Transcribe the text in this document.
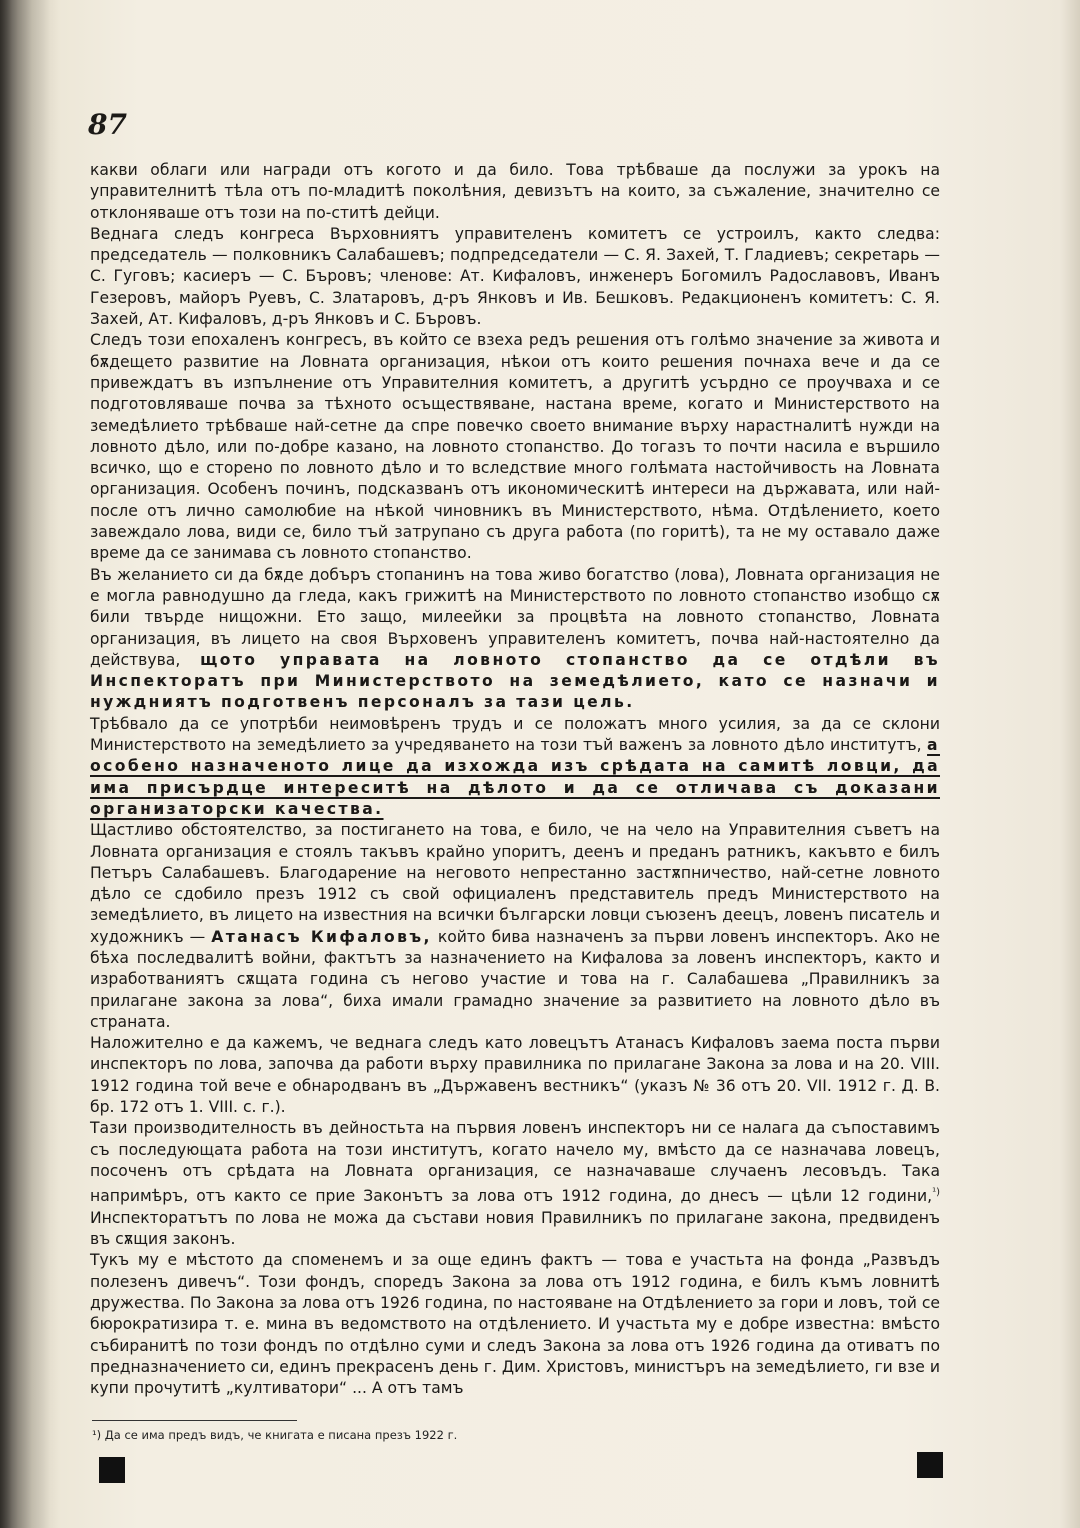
87

какви облаги или награди отъ когото и да било. Това трѣбваше да послужи за урокъ на управителнитѣ тѣла отъ по-младитѣ поколѣния, девизътъ на които, за съжаление, значително се отклоняваше отъ този на по-ститѣ дейци.

Веднага следъ конгреса Върховниятъ управителенъ комитетъ се устроилъ, както следва: председатель — полковникъ Салабашевъ; подпредседатели — С. Я. Захей, Т. Гладиевъ; секретарь — С. Гуговъ; касиеръ — С. Бъровъ; членове: Ат. Кифаловъ, инженеръ Богомилъ Радославовъ, Иванъ Гезеровъ, майоръ Руевъ, С. Златаровъ, д-ръ Янковъ и Ив. Бешковъ. Редакционенъ комитетъ: С. Я. Захей, Ат. Кифаловъ, д-ръ Янковъ и С. Бъровъ.

Следъ този епохаленъ конгресъ, въ който се взеха редъ решения отъ голѣмо значение за живота и бѫдещето развитие на Ловната организация, нѣкои отъ които решения почнаха вече и да се привеждатъ въ изпълнение отъ Управителния комитетъ, а другитѣ усърдно се проучваха и се подготовляваше почва за тѣхното осъществяване, настана време, когато и Министерството на земедѣлието трѣбваше най-сетне да спре повечко своето внимание върху нарастналитѣ нужди на ловното дѣло, или по-добре казано, на ловното стопанство. До тогазъ то почти насила е вършило всичко, що е сторено по ловното дѣло и то вследствие много голѣмата настойчивость на Ловната организация. Особенъ починъ, подсказванъ отъ икономическитѣ интереси на държавата, или най-после отъ лично самолюбие на нѣкой чиновникъ въ Министерството, нѣма. Отдѣлението, което завеждало лова, види се, било тъй затрупано съ друга работа (по горитѣ), та не му оставало даже време да се занимава съ ловното стопанство.

Въ желанието си да бѫде добъръ стопанинъ на това живо богатство (лова), Ловната организация не е могла равнодушно да гледа, какъ грижитѣ на Министерството по ловното стопанство изобщо сѫ били твърде нищожни. Ето защо, милеейки за процвѣта на ловното стопанство, Ловната организация, въ лицето на своя Върховенъ управителенъ комитетъ, почва най-настоятелно да действува, щото управата на ловното стопанство да се отдѣли въ Инспекторатъ при Министерството на земедѣлието, като се назначи и нуждниятъ подготвенъ персоналъ за тази цель.

Трѣбвало да се употрѣби неимовѣренъ трудъ и се положатъ много усилия, за да се склони Министерството на земедѣлието за учредяването на този тъй важенъ за ловното дѣло институтъ, а особено назначеното лице да изхожда изъ срѣдата на самитѣ ловци, да има присърдце интереситѣ на дѣлото и да се отличава съ доказани организаторски качества.

Щастливо обстоятелство, за постигането на това, е било, че на чело на Управителния съветъ на Ловната организация е стоялъ такъвъ крайно упоритъ, деенъ и преданъ ратникъ, какъвто е билъ Петъръ Салабашевъ. Благодарение на неговото непрестанно застѫпничество, най-сетне ловното дѣло се сдобило презъ 1912 съ свой официаленъ представитель предъ Министерството на земедѣлието, въ лицето на известния на всички български ловци съюзенъ деецъ, ловенъ писатель и художникъ — Атанасъ Кифаловъ, който бива назначенъ за първи ловенъ инспекторъ. Ако не бѣха последвалитѣ войни, фактътъ за назначението на Кифалова за ловенъ инспекторъ, както и изработваниятъ сѫщата година съ негово участие и това на г. Салабашева „Правилникъ за прилагане закона за лова“, биха имали грамадно значение за развитието на ловното дѣло въ страната.

Наложително е да кажемъ, че веднага следъ като ловецътъ Атанасъ Кифаловъ заема поста първи инспекторъ по лова, започва да работи върху правилника по прилагане Закона за лова и на 20. VIII. 1912 година той вече е обнародванъ въ „Държавенъ вестникъ“ (указъ № 36 отъ 20. VII. 1912 г. Д. В. бр. 172 отъ 1. VIII. с. г.).

Тази производителность въ дейностьта на първия ловенъ инспекторъ ни се налага да съпоставимъ съ последующата работа на този институтъ, когато начело му, вмѣсто да се назначава ловецъ, посоченъ отъ срѣдата на Ловната организация, се назначаваше случаенъ лесовъдъ. Така напримѣръ, отъ както се прие Законътъ за лова отъ 1912 година, до днесъ — цѣли 12 години,$^{^1)}$ Инспекторатътъ по лова не можа да състави новия Правилникъ по прилагане закона, предвиденъ въ сѫщия законъ.

Тукъ му е мѣстото да споменемъ и за още единъ фактъ — това е участьта на фонда „Развъдъ полезенъ дивечъ“. Този фондъ, споредъ Закона за лова отъ 1912 година, е билъ къмъ ловнитѣ дружества. По Закона за лова отъ 1926 година, по настояване на Отдѣлението за гори и ловъ, той се бюрократизира т. е. мина въ ведомството на отдѣлението. И участьта му е добре известна: вмѣсто събиранитѣ по този фондъ по отдѣлно суми и следъ Закона за лова отъ 1926 година да отиватъ по предназначението си, единъ прекрасенъ день г. Дим. Христовъ, министъръ на земедѣлието, ги взе и купи прочутитѣ „култиватори“ ... А отъ тамъ

¹) Да се има предъ видъ, че книгата е писана презъ 1922 г.
